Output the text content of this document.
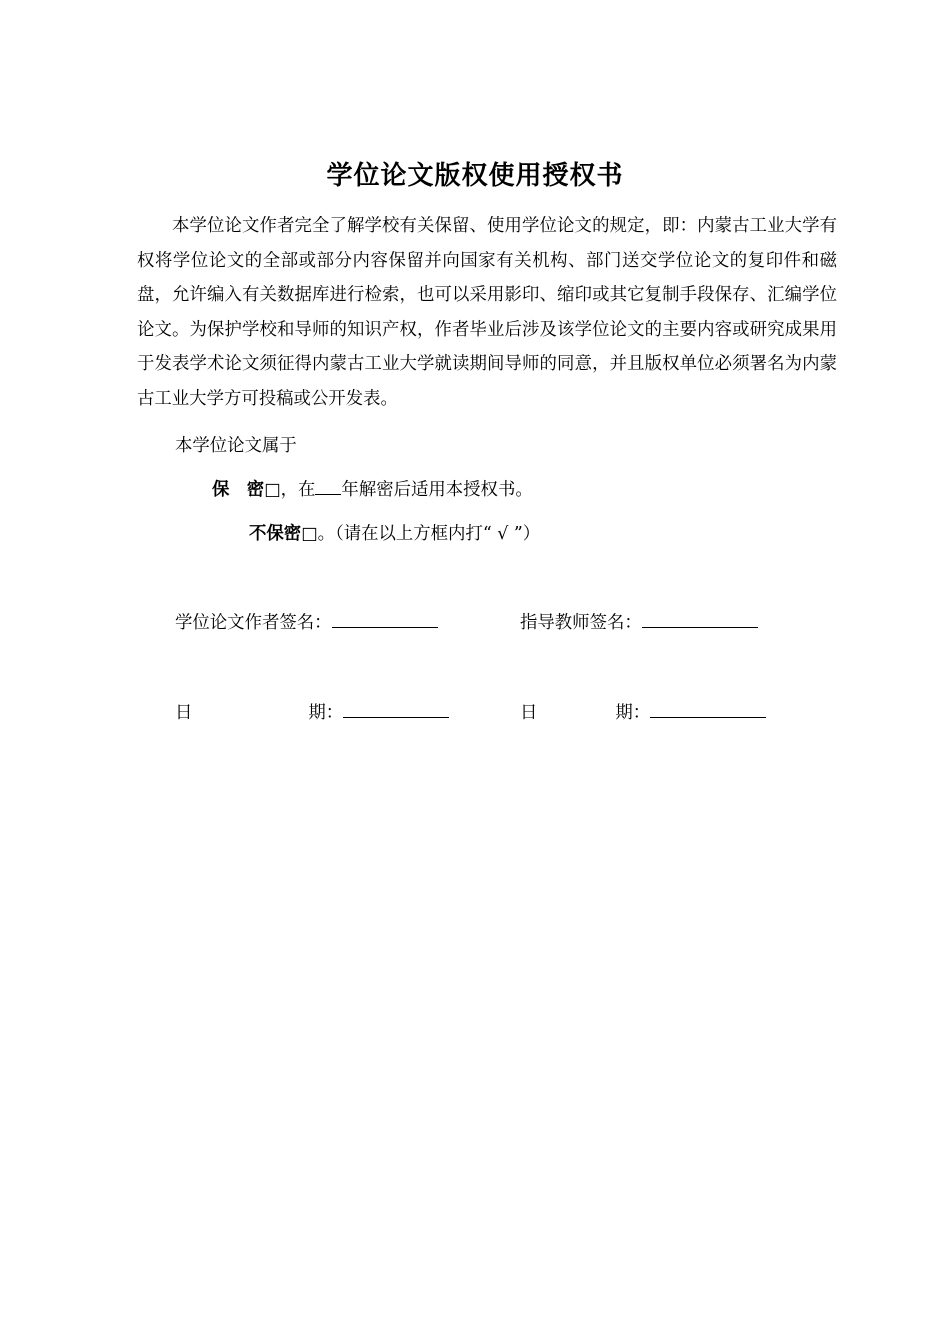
学位论文版权使用授权书

本学位论文作者完全了解学校有关保留、使用学位论文的规定，即：内蒙古工业大学有权将学位论文的全部或部分内容保留并向国家有关机构、部门送交学位论文的复印件和磁盘，允许编入有关数据库进行检索，也可以采用影印、缩印或其它复制手段保存、汇编学位论文。为保护学校和导师的知识产权，作者毕业后涉及该学位论文的主要内容或研究成果用于发表学术论文须征得内蒙古工业大学就读期间导师的同意，并且版权单位必须署名为内蒙古工业大学方可投稿或公开发表。

本学位论文属于
保　密□，在 年解密后适用本授权书。
不保密□。（请在以上方框内打“ √ ”）
学位论文作者签名：	指导教师签名：
日	期：	日	期：
